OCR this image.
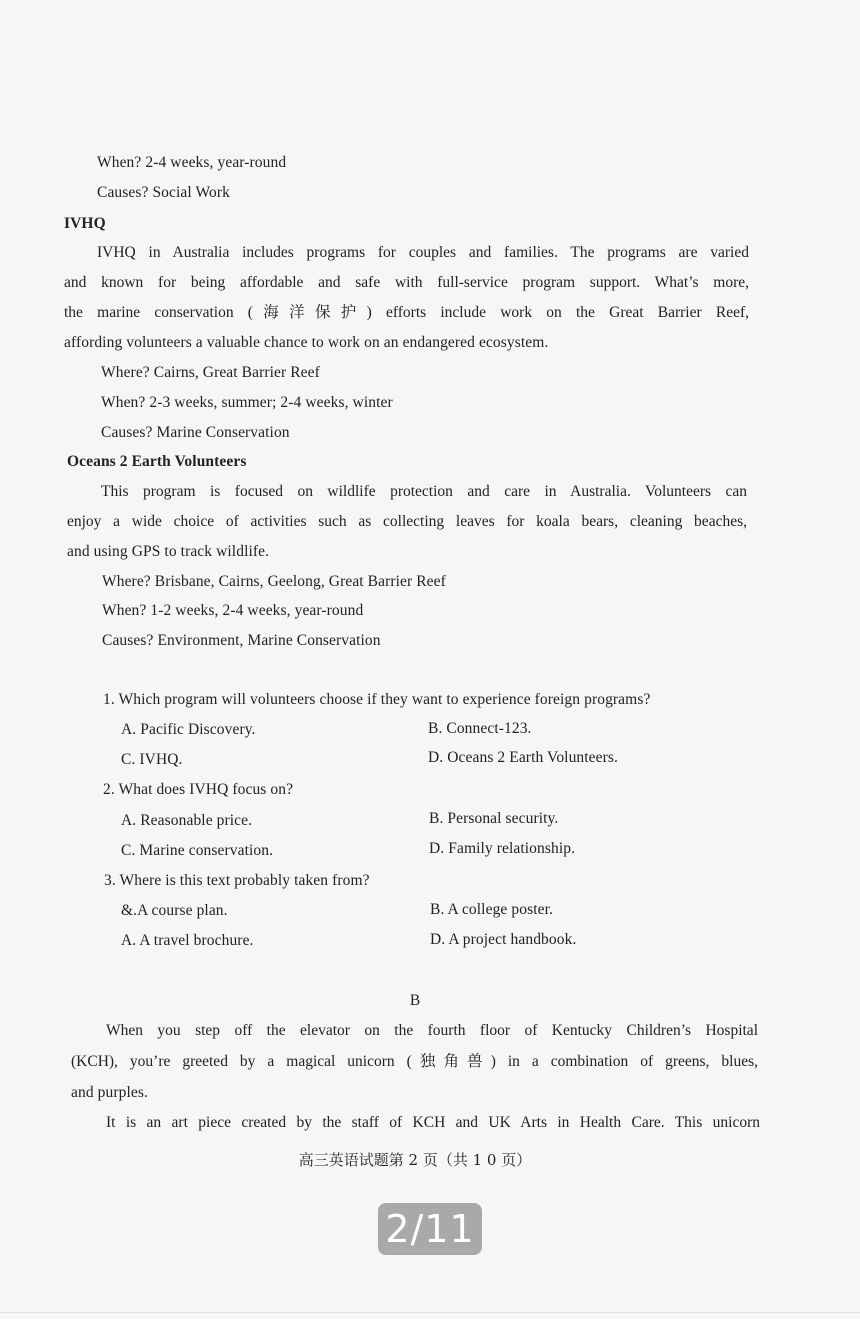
When? 2-4 weeks, year-round
Causes? Social Work
IVHQ
IVHQ in Australia includes programs for couples and families. The programs are varied
and known for being affordable and safe with full-service program support. What’s more,
the marine conservation (海洋保护) efforts include work on the Great Barrier Reef,
affording volunteers a valuable chance to work on an endangered ecosystem.
Where? Cairns, Great Barrier Reef
When? 2-3 weeks, summer; 2-4 weeks, winter
Causes? Marine Conservation
Oceans 2 Earth Volunteers
This program is focused on wildlife protection and care in Australia. Volunteers can
enjoy a wide choice of activities such as collecting leaves for koala bears, cleaning beaches,
and using GPS to track wildlife.
Where? Brisbane, Cairns, Geelong, Great Barrier Reef
When? 1-2 weeks, 2-4 weeks, year-round
Causes? Environment, Marine Conservation
1. Which program will volunteers choose if they want to experience foreign programs?
A. Pacific Discovery.	B. Connect-123.
C. IVHQ.	D. Oceans 2 Earth Volunteers.
2. What does IVHQ focus on?
A. Reasonable price.	B. Personal security.
C. Marine conservation.	D. Family relationship.
3. Where is this text probably taken from?
&.A course plan.	B. A college poster.
A. A travel brochure.	D. A project handbook.
B
When you step off the elevator on the fourth floor of Kentucky Children’s Hospital
(KCH), you’re greeted by a magical unicorn (独角兽) in a combination of greens, blues,
and purples.
It is an art piece created by the staff of KCH and UK Arts in Health Care. This unicorn
高三英语试题第 2 页（共 1 0 页）
2/11
